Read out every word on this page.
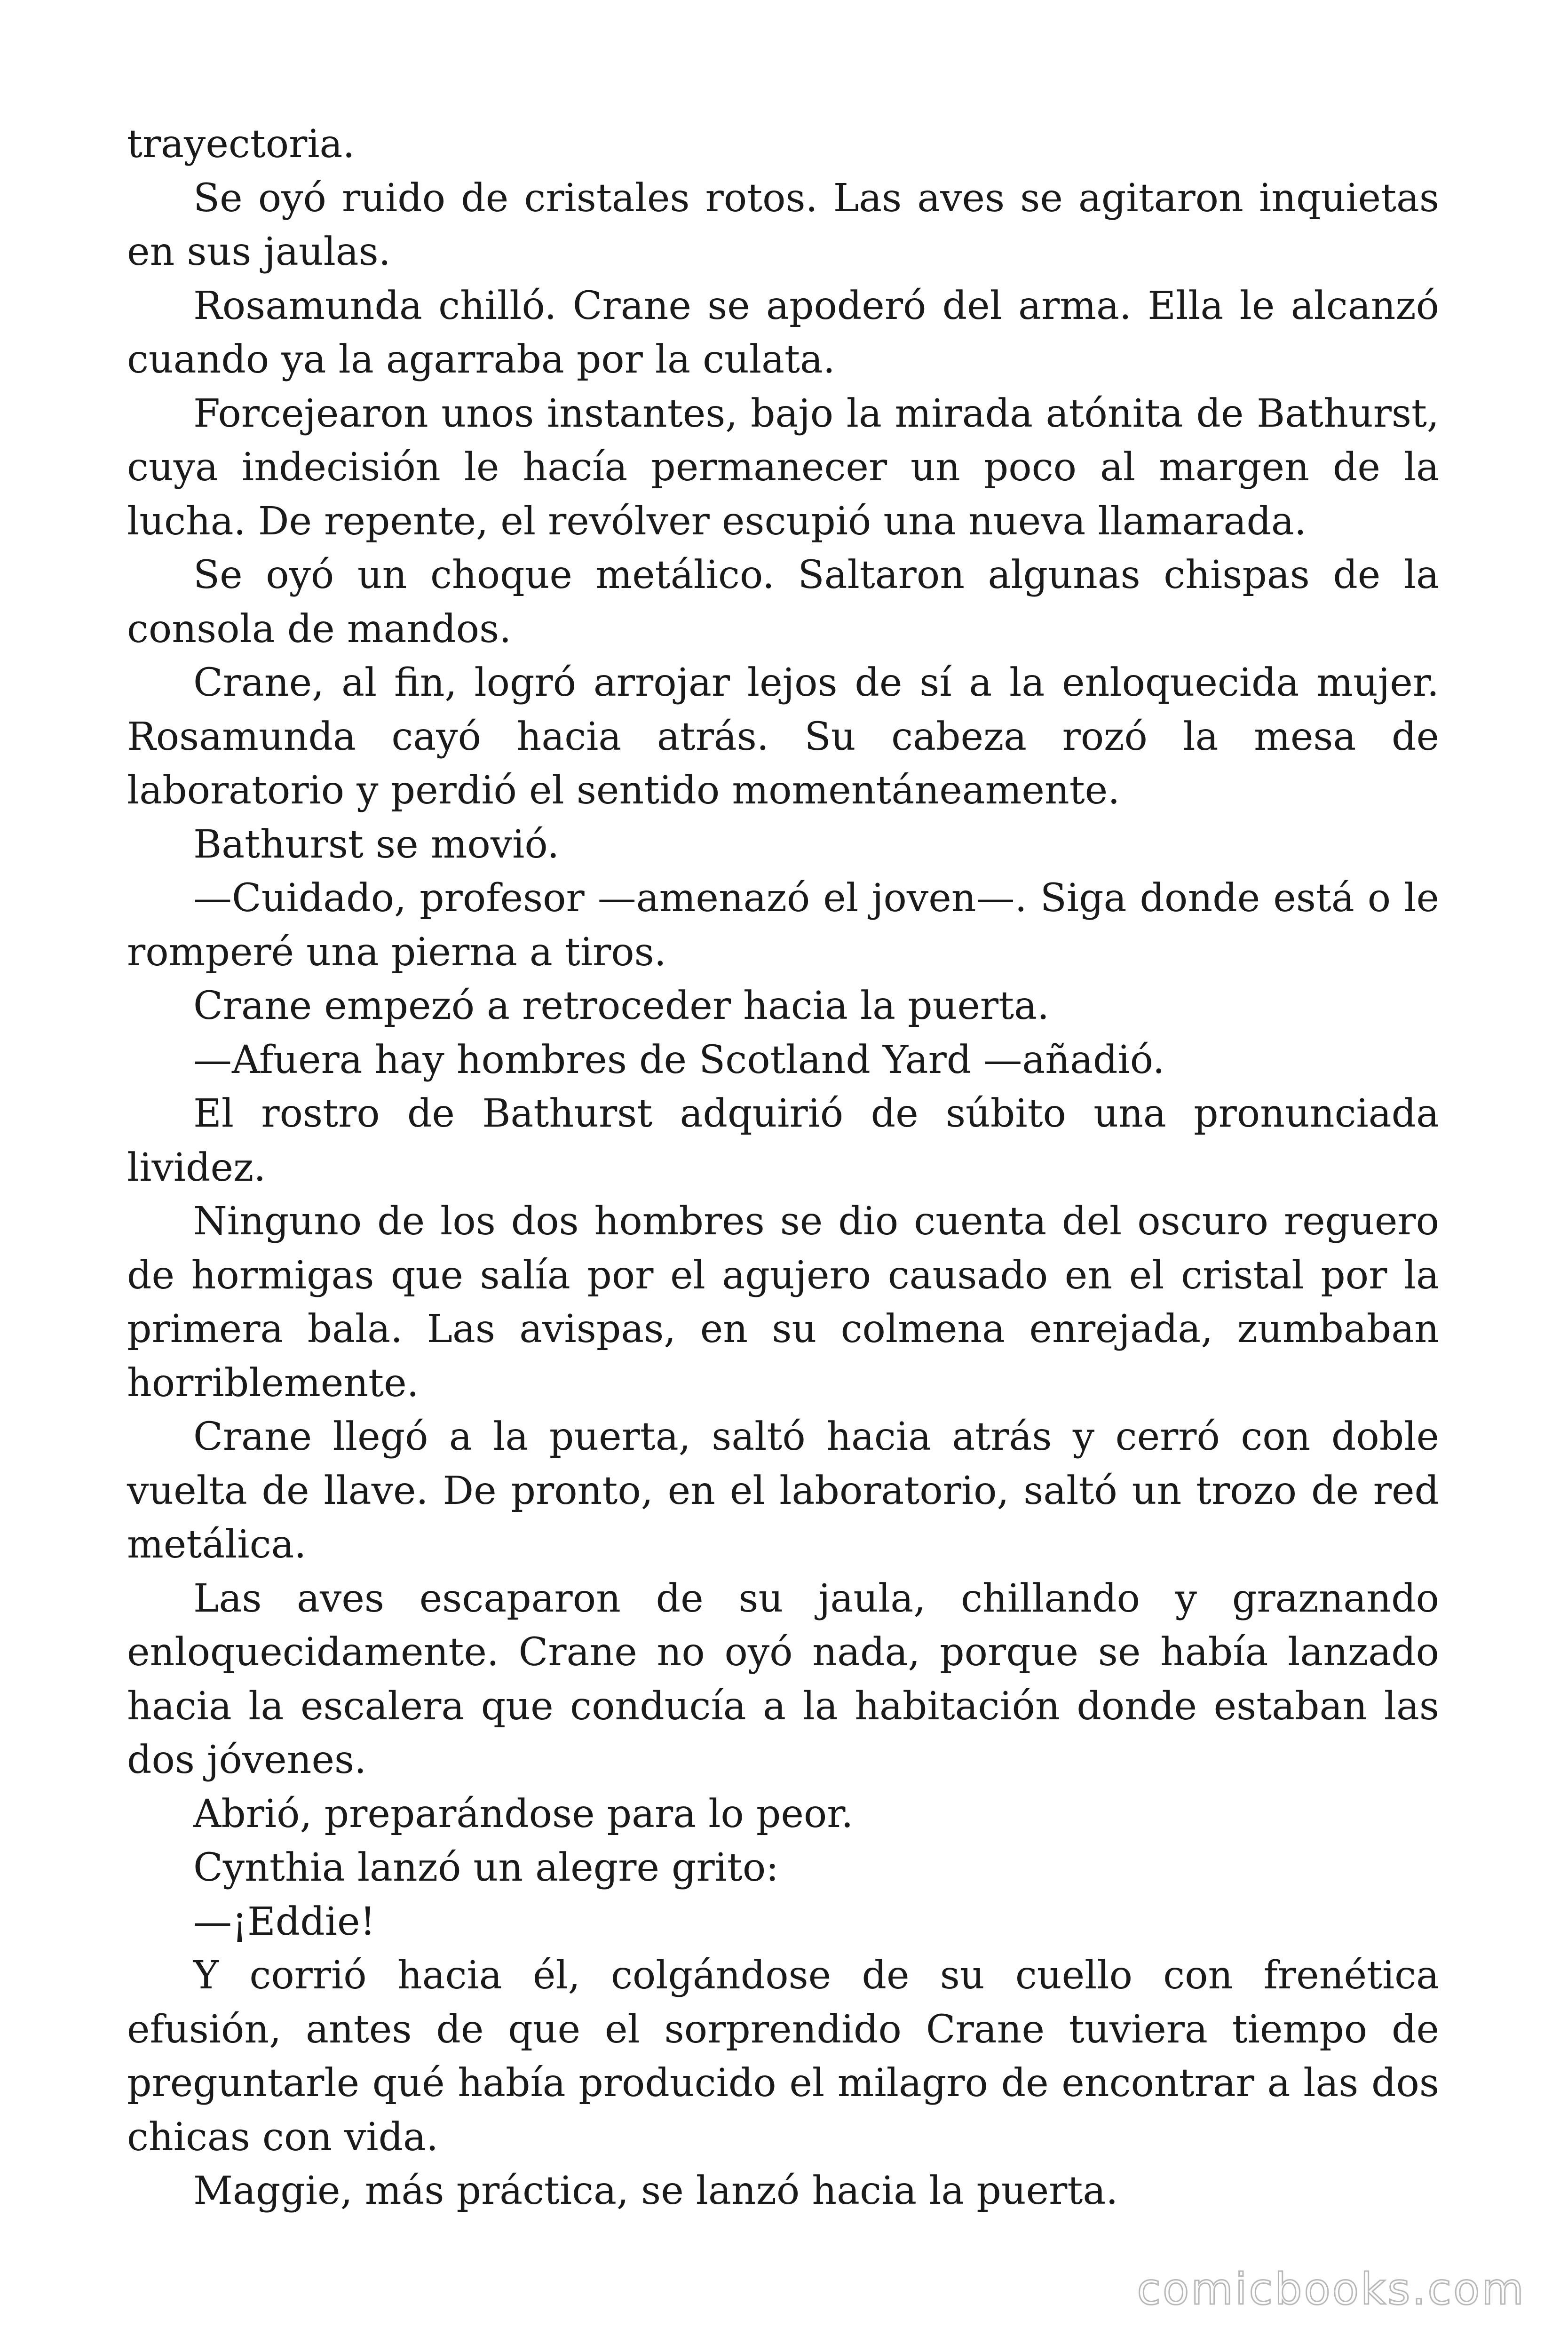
trayectoria.

Se oyó ruido de cristales rotos. Las aves se agitaron inquietas en sus jaulas.

Rosamunda chilló. Crane se apoderó del arma. Ella le alcanzó cuando ya la agarraba por la culata.

Forcejearon unos instantes, bajo la mirada atónita de Bathurst, cuya indecisión le hacía permanecer un poco al margen de la lucha. De repente, el revólver escupió una nueva llamarada.

Se oyó un choque metálico. Saltaron algunas chispas de la consola de mandos.

Crane, al fin, logró arrojar lejos de sí a la enloquecida mujer. Rosamunda cayó hacia atrás. Su cabeza rozó la mesa de laboratorio y perdió el sentido momentáneamente.

Bathurst se movió.

—Cuidado, profesor —amenazó el joven—. Siga donde está o le romperé una pierna a tiros.

Crane empezó a retroceder hacia la puerta.

—Afuera hay hombres de Scotland Yard —añadió.

El rostro de Bathurst adquirió de súbito una pronunciada lividez.

Ninguno de los dos hombres se dio cuenta del oscuro reguero de hormigas que salía por el agujero causado en el cristal por la primera bala. Las avispas, en su colmena enrejada, zumbaban horriblemente.

Crane llegó a la puerta, saltó hacia atrás y cerró con doble vuelta de llave. De pronto, en el laboratorio, saltó un trozo de red metálica.

Las aves escaparon de su jaula, chillando y graznando enloquecidamente. Crane no oyó nada, porque se había lanzado hacia la escalera que conducía a la habitación donde estaban las dos jóvenes.

Abrió, preparándose para lo peor.

Cynthia lanzó un alegre grito:

—¡Eddie!

Y corrió hacia él, colgándose de su cuello con frenética efusión, antes de que el sorprendido Crane tuviera tiempo de preguntarle qué había producido el milagro de encontrar a las dos chicas con vida.

Maggie, más práctica, se lanzó hacia la puerta.

comicbooks.com
